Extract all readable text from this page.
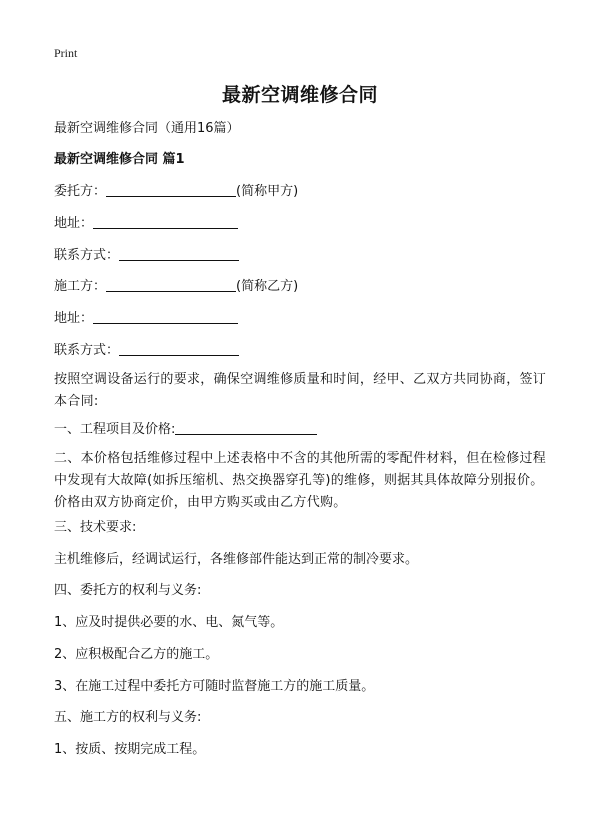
Print
最新空调维修合同
最新空调维修合同（通用16篇）
最新空调维修合同 篇1
委托方：	(简称甲方)
地址：
联系方式：
施工方：	(简称乙方)
地址：
联系方式：
按照空调设备运行的要求，确保空调维修质量和时间，经甲、乙双方共同协商，签订本合同:
一、工程项目及价格:
二、本价格包括维修过程中上述表格中不含的其他所需的零配件材料，但在检修过程中发现有大故障(如拆压缩机、热交换器穿孔等)的维修，则据其具体故障分别报价。价格由双方协商定价，由甲方购买或由乙方代购。
三、技术要求:
主机维修后，经调试运行，各维修部件能达到正常的制冷要求。
四、委托方的权利与义务:
1、应及时提供必要的水、电、氮气等。
2、应积极配合乙方的施工。
3、在施工过程中委托方可随时监督施工方的施工质量。
五、施工方的权利与义务:
1、按质、按期完成工程。
